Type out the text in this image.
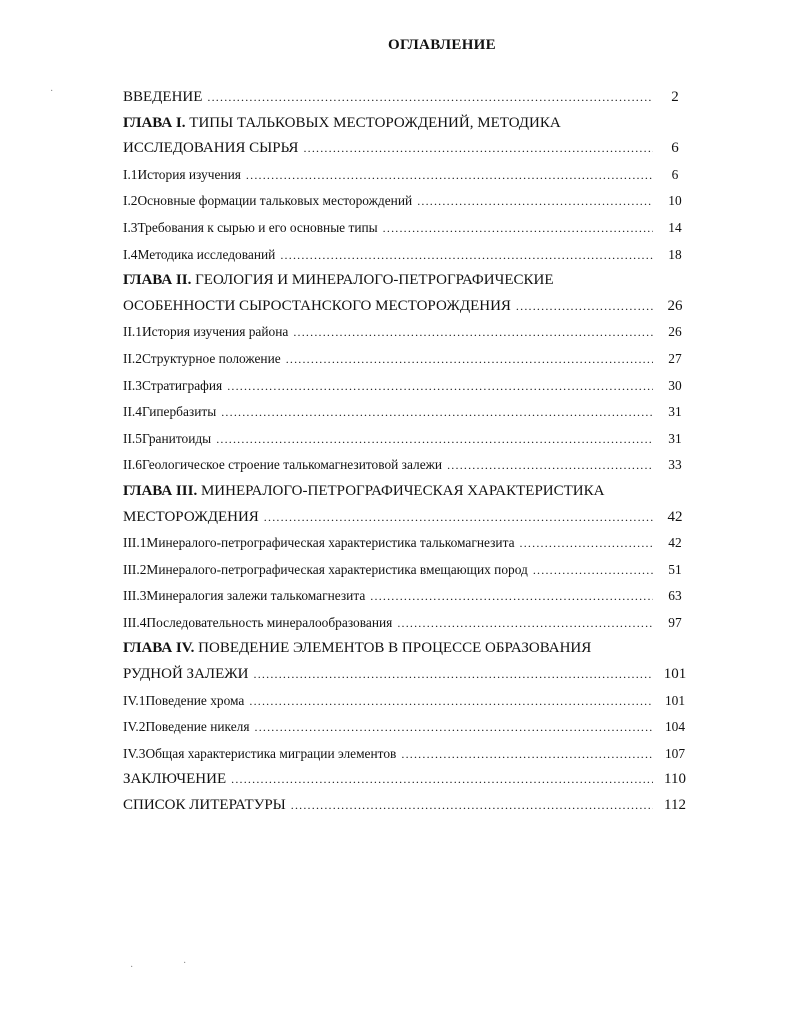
ОГЛАВЛЕНИЕ
ВВЕДЕНИЕ .....	2
ГЛАВА I. ТИПЫ ТАЛЬКОВЫХ МЕСТОРОЖДЕНИЙ, МЕТОДИКА
ИССЛЕДОВАНИЯ СЫРЬЯ .....	6
I.1 История изучения .....	6
I.2 Основные формации тальковых месторождений .....	10
I.3 Требования к сырью и его основные типы .....	14
I.4 Методика исследований .....	18
ГЛАВА II. ГЕОЛОГИЯ И МИНЕРАЛОГО-ПЕТРОГРАФИЧЕСКИЕ
ОСОБЕННОСТИ СЫРОСТАНСКОГО МЕСТОРОЖДЕНИЯ .....	26
II.1 История изучения района .....	26
II.2 Структурное положение .....	27
II.3 Стратиграфия .....	30
II.4 Гипербазиты .....	31
II.5 Гранитоиды .....	31
II.6 Геологическое строение талькомагнезитовой залежи .....	33
ГЛАВА III. МИНЕРАЛОГО-ПЕТРОГРАФИЧЕСКАЯ ХАРАКТЕРИСТИКА
МЕСТОРОЖДЕНИЯ .....	42
III.1 Минералого-петрографическая характеристика талькомагнезита .....	42
III.2 Минералого-петрографическая характеристика вмещающих пород .....	51
III.3 Минералогия залежи талькомагнезита .....	63
III.4 Последовательность минералообразования .....	97
ГЛАВА IV. ПОВЕДЕНИЕ ЭЛЕМЕНТОВ В ПРОЦЕССЕ ОБРАЗОВАНИЯ
РУДНОЙ ЗАЛЕЖИ .....	101
IV.1 Поведение хрома .....	101
IV.2 Поведение никеля .....	104
IV.3 Общая характеристика миграции элементов .....	107
ЗАКЛЮЧЕНИЕ .....	110
СПИСОК ЛИТЕРАТУРЫ .....	112
·
·	·
